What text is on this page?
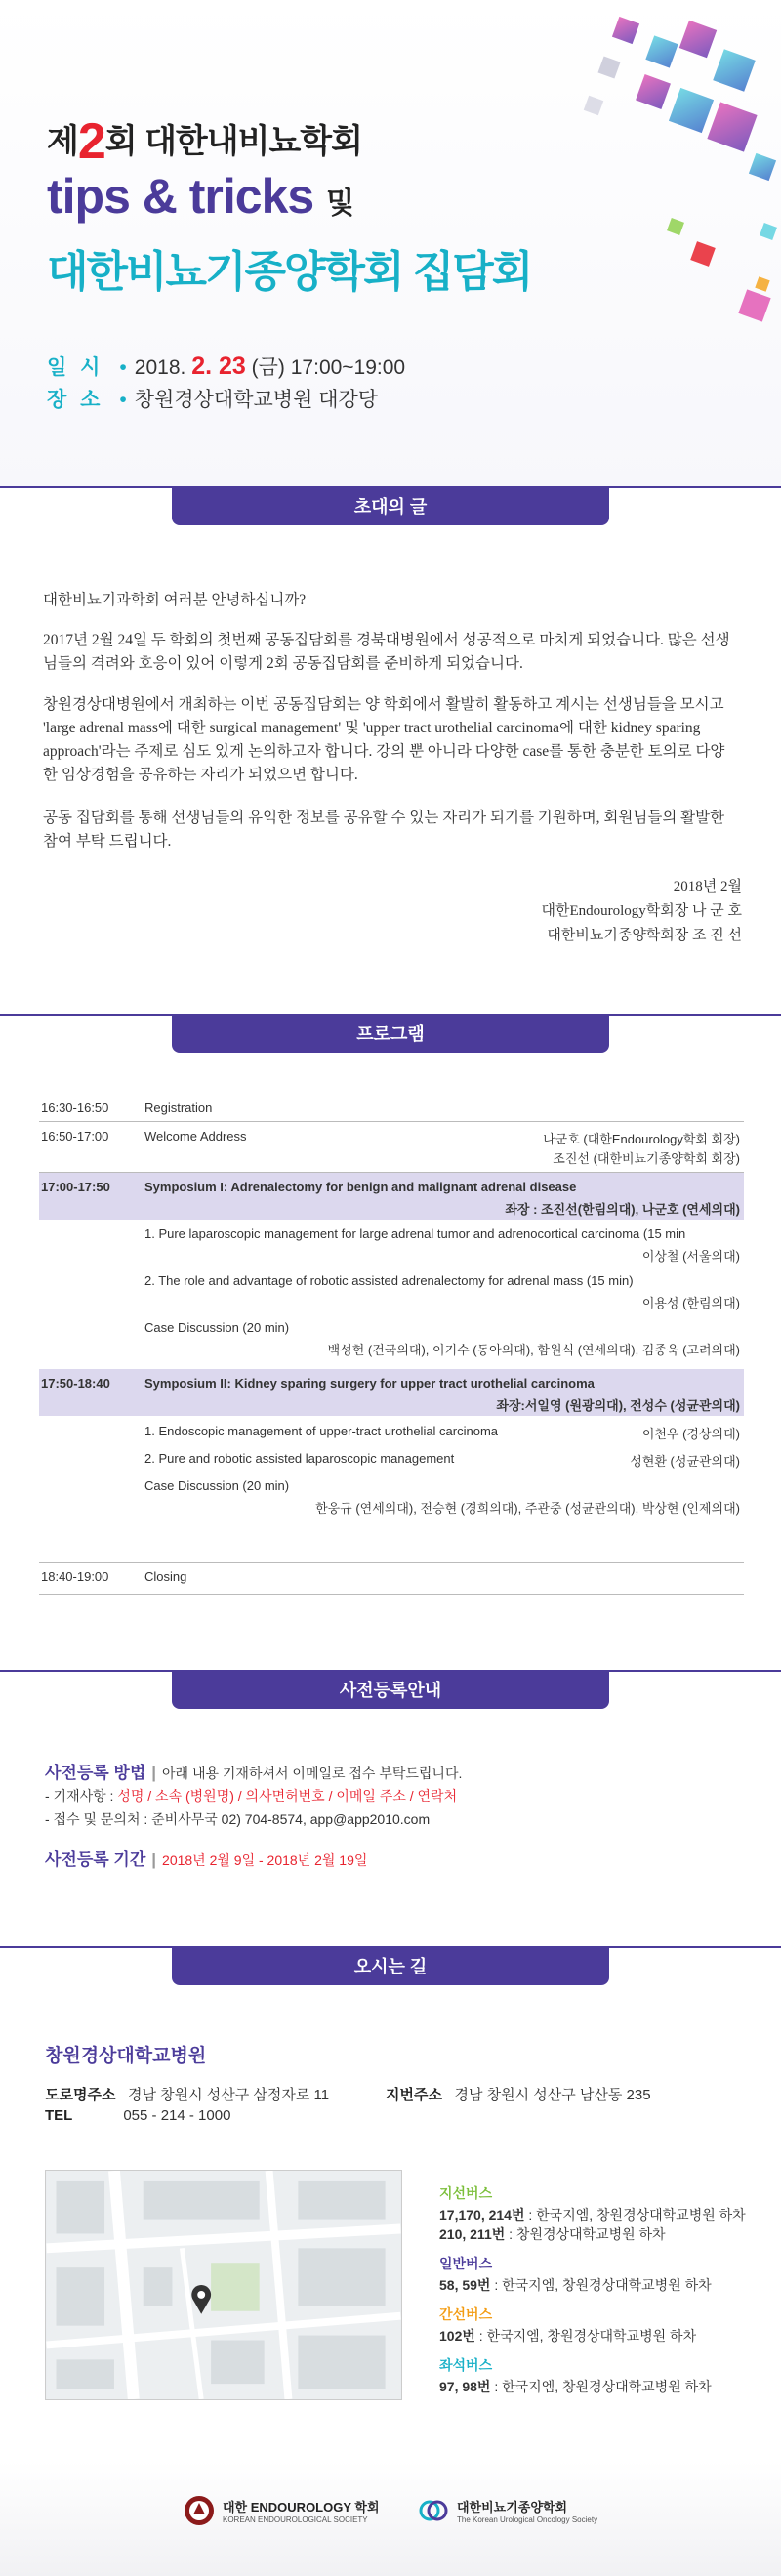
제2회 대한내비뇨학회
tips & tricks 및
대한비뇨기종양학회 집담회
일 시 • 2018. 2. 23 (금) 17:00~19:00
장 소 • 창원경상대학교병원 대강당
초대의 글
대한비뇨기과학회 여러분 안녕하십니까?
2017년 2월 24일 두 학회의 첫번째 공동집담회를 경북대병원에서 성공적으로 마치게 되었습니다. 많은 선생님들의 격려와 호응이 있어 이렇게 2회 공동집담회를 준비하게 되었습니다.
창원경상대병원에서 개최하는 이번 공동집담회는 양 학회에서 활발히 활동하고 계시는 선생님들을 모시고 'large adrenal mass에 대한 surgical management' 및 'upper tract urothelial carcinoma에 대한 kidney sparing approach'라는 주제로 심도 있게 논의하고자 합니다. 강의 뿐 아니라 다양한 case를 통한 충분한 토의로 다양한 임상경험을 공유하는 자리가 되었으면 합니다.
공동 집담회를 통해 선생님들의 유익한 정보를 공유할 수 있는 자리가 되기를 기원하며, 회원님들의 활발한 참여 부탁 드립니다.
2018년 2월
대한Endourology학회장 나 군 호
대한비뇨기종양학회장 조 진 선
프로그램
16:30-16:50	Registration
16:50-17:00	Welcome Address	나군호 (대한Endourology학회 회장)
조진선 (대한비뇨기종양학회 회장)
17:00-17:50	Symposium I: Adrenalectomy for benign and malignant adrenal disease
좌장 : 조진선(한림의대), 나군호 (연세의대)
1. Pure laparoscopic management for large adrenal tumor and adrenocortical carcinoma (15 min
이상철 (서울의대)
2. The role and advantage of robotic assisted adrenalectomy for adrenal mass (15 min)
이용성 (한림의대)
Case Discussion (20 min)
백성현 (건국의대), 이기수 (동아의대), 함원식 (연세의대), 김종욱 (고려의대)
17:50-18:40	Symposium II: Kidney sparing surgery for upper tract urothelial carcinoma
좌장:서일영 (원광의대), 전성수 (성균관의대)
1. Endoscopic management of upper-tract urothelial carcinoma	이천우 (경상의대)
2. Pure and robotic assisted laparoscopic management	성현환 (성균관의대)
Case Discussion (20 min)
한웅규 (연세의대), 전승현 (경희의대), 주관중 (성균관의대), 박상현 (인제의대)
18:40-19:00	Closing
사전등록안내
사전등록 방법 | 아래 내용 기재하셔서 이메일로 접수 부탁드립니다.
- 기재사항 : 성명 / 소속 (병원명) / 의사면허번호 / 이메일 주소 / 연락처
- 접수 및 문의처 : 준비사무국 02) 704-8574, app@app2010.com
사전등록 기간 | 2018년 2월 9일 - 2018년 2월 19일
오시는 길
창원경상대학교병원
도로명주소 경남 창원시 성산구 삼정자로 11	지번주소 경남 창원시 성산구 남산동 235
TEL	055 - 214 - 1000
지선버스
17,170, 214번 : 한국지엠, 창원경상대학교병원 하차
210, 211번 : 창원경상대학교병원 하차
일반버스
58, 59번 : 한국지엠, 창원경상대학교병원 하차
간선버스
102번 : 한국지엠, 창원경상대학교병원 하차
좌석버스
97, 98번 : 한국지엠, 창원경상대학교병원 하차
대한 ENDOUROLOGY 학회
KOREAN ENDOUROLOGICAL SOCIETY
대한비뇨기종양학회
The Korean Urological Oncology Society
